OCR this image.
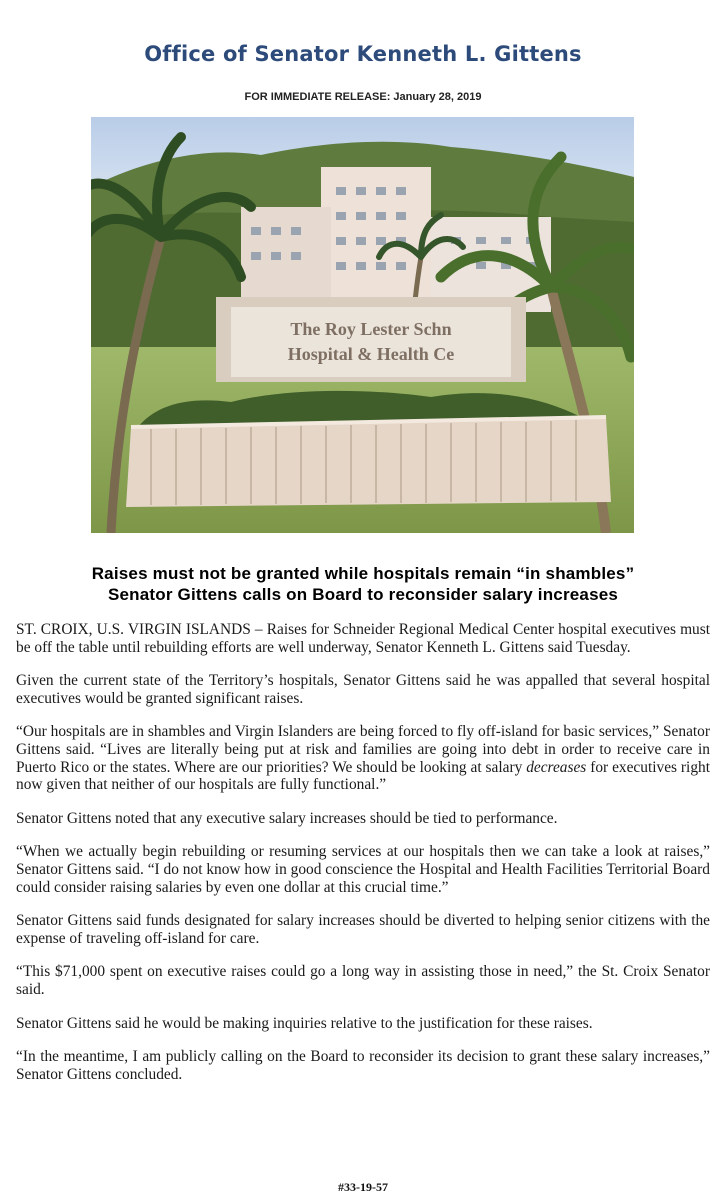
Office of Senator Kenneth L. Gittens
FOR IMMEDIATE RELEASE: January 28, 2019
The Roy Lester Schn
Hospital & Health Ce
Raises must not be granted while hospitals remain “in shambles”
Senator Gittens calls on Board to reconsider salary increases

ST. CROIX, U.S. VIRGIN ISLANDS – Raises for Schneider Regional Medical Center hospital executives must be off the table until rebuilding efforts are well underway, Senator Kenneth L. Gittens said Tuesday.

Given the current state of the Territory’s hospitals, Senator Gittens said he was appalled that several hospital executives would be granted significant raises.

“Our hospitals are in shambles and Virgin Islanders are being forced to fly off-island for basic services,” Senator Gittens said. “Lives are literally being put at risk and families are going into debt in order to receive care in Puerto Rico or the states. Where are our priorities? We should be looking at salary decreases for executives right now given that neither of our hospitals are fully functional.”

Senator Gittens noted that any executive salary increases should be tied to performance.

“When we actually begin rebuilding or resuming services at our hospitals then we can take a look at raises,” Senator Gittens said. “I do not know how in good conscience the Hospital and Health Facilities Territorial Board could consider raising salaries by even one dollar at this crucial time.”

Senator Gittens said funds designated for salary increases should be diverted to helping senior citizens with the expense of traveling off-island for care.

“This $71,000 spent on executive raises could go a long way in assisting those in need,” the St. Croix Senator said.

Senator Gittens said he would be making inquiries relative to the justification for these raises.

“In the meantime, I am publicly calling on the Board to reconsider its decision to grant these salary increases,” Senator Gittens concluded.

#33-19-57
